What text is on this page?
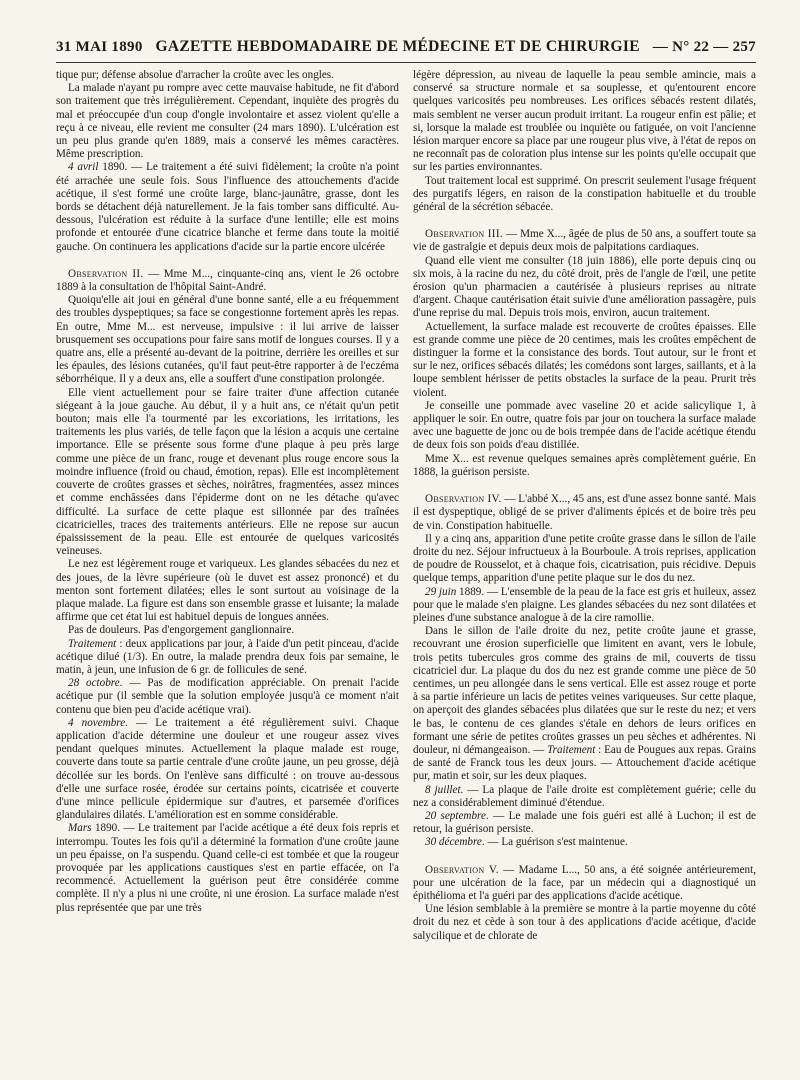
31 MAI 1890 GAZETTE HEBDOMADAIRE DE MÉDECINE ET DE CHIRURGIE — N° 22 — 257

tique pur; défense absolue d'arracher la croûte avec les ongles.

La malade n'ayant pu rompre avec cette mauvaise habitude, ne fit d'abord son traitement que très irrégulièrement. Cependant, inquiète des progrès du mal et préoccupée d'un coup d'ongle involontaire et assez violent qu'elle a reçu à ce niveau, elle revient me consulter (24 mars 1890). L'ulcération est un peu plus grande qu'en 1889, mais a conservé les mêmes caractères. Même prescription.

4 avril 1890. — Le traitement a été suivi fidèlement; la croûte n'a point été arrachée une seule fois. Sous l'influence des attouchements d'acide acétique, il s'est formé une croûte large, blanc-jaunâtre, grasse, dont les bords se détachent déjà naturellement. Je la fais tomber sans difficulté. Au-dessous, l'ulcération est réduite à la surface d'une lentille; elle est moins profonde et entourée d'une cicatrice blanche et ferme dans toute la moitié gauche. On continuera les applications d'acide sur la partie encore ulcérée

Observation II. — Mme M..., cinquante-cinq ans, vient le 26 octobre 1889 à la consultation de l'hôpital Saint-André.

Quoiqu'elle ait joui en général d'une bonne santé, elle a eu fréquemment des troubles dyspeptiques; sa face se congestionne fortement après les repas. En outre, Mme M... est nerveuse, impulsive : il lui arrive de laisser brusquement ses occupations pour faire sans motif de longues courses. Il y a quatre ans, elle a présenté au-devant de la poitrine, derrière les oreilles et sur les épaules, des lésions cutanées, qu'il faut peut-être rapporter à de l'eczéma séborrhéique. Il y a deux ans, elle a souffert d'une constipation prolongée.

Elle vient actuellement pour se faire traiter d'une affection cutanée siégeant à la joue gauche. Au début, il y a huit ans, ce n'était qu'un petit bouton; mais elle l'a tourmenté par les excoriations, les irritations, les traitements les plus variés, de telle façon que la lésion a acquis une certaine importance. Elle se présente sous forme d'une plaque à peu près large comme une pièce de un franc, rouge et devenant plus rouge encore sous la moindre influence (froid ou chaud, émotion, repas). Elle est incomplètement couverte de croûtes grasses et sèches, noirâtres, fragmentées, assez minces et comme enchâssées dans l'épiderme dont on ne les détache qu'avec difficulté. La surface de cette plaque est sillonnée par des traînées cicatricielles, traces des traitements antérieurs. Elle ne repose sur aucun épaississement de la peau. Elle est entourée de quelques varicosités veineuses.

Le nez est légèrement rouge et variqueux. Les glandes sébacées du nez et des joues, de la lèvre supérieure (où le duvet est assez prononcé) et du menton sont fortement dilatées; elles le sont surtout au voisinage de la plaque malade. La figure est dans son ensemble grasse et luisante; la malade affirme que cet état lui est habituel depuis de longues années.

Pas de douleurs. Pas d'engorgement ganglionnaire.

Traitement : deux applications par jour, à l'aide d'un petit pinceau, d'acide acétique dilué (1/3). En outre, la malade prendra deux fois par semaine, le matin, à jeun, une infusion de 6 gr. de follicules de sené.

28 octobre. — Pas de modification appréciable. On prenait l'acide acétique pur (il semble que la solution employée jusqu'à ce moment n'ait contenu que bien peu d'acide acétique vrai).

4 novembre. — Le traitement a été régulièrement suivi. Chaque application d'acide détermine une douleur et une rougeur assez vives pendant quelques minutes. Actuellement la plaque malade est rouge, couverte dans toute sa partie centrale d'une croûte jaune, un peu grosse, déjà décollée sur les bords. On l'enlève sans difficulté : on trouve au-dessous d'elle une surface rosée, érodée sur certains points, cicatrisée et couverte d'une mince pellicule épidermique sur d'autres, et parsemée d'orifices glandulaires dilatés. L'amélioration est en somme considérable.

Mars 1890. — Le traitement par l'acide acétique a été deux fois repris et interrompu. Toutes les fois qu'il a déterminé la formation d'une croûte jaune un peu épaisse, on l'a suspendu. Quand celle-ci est tombée et que la rougeur provoquée par les applications caustiques s'est en partie effacée, on l'a recommencé. Actuellement la guérison peut être considérée comme complète. Il n'y a plus ni une croûte, ni une érosion. La surface malade n'est plus représentée que par une très

légère dépression, au niveau de laquelle la peau semble amincie, mais a conservé sa structure normale et sa souplesse, et qu'entourent encore quelques varicosités peu nombreuses. Les orifices sébacés restent dilatés, mais semblent ne verser aucun produit irritant. La rougeur enfin est pâlie; et si, lorsque la malade est troublée ou inquiète ou fatiguée, on voit l'ancienne lésion marquer encore sa place par une rougeur plus vive, à l'état de repos on ne reconnaît pas de coloration plus intense sur les points qu'elle occupait que sur les parties environnantes.

Tout traitement local est supprimé. On prescrit seulement l'usage fréquent des purgatifs légers, en raison de la constipation habituelle et du trouble général de la sécrétion sébacée.

Observation III. — Mme X..., âgée de plus de 50 ans, a souffert toute sa vie de gastralgie et depuis deux mois de palpitations cardiaques.

Quand elle vient me consulter (18 juin 1886), elle porte depuis cinq ou six mois, à la racine du nez, du côté droit, près de l'angle de l'œil, une petite érosion qu'un pharmacien a cautérisée à plusieurs reprises au nitrate d'argent. Chaque cautérisation était suivie d'une amélioration passagère, puis d'une reprise du mal. Depuis trois mois, environ, aucun traitement.

Actuellement, la surface malade est recouverte de croûtes épaisses. Elle est grande comme une pièce de 20 centimes, mais les croûtes empêchent de distinguer la forme et la consistance des bords. Tout autour, sur le front et sur le nez, orifices sébacés dilatés; les comédons sont larges, saillants, et à la loupe semblent hérisser de petits obstacles la surface de la peau. Prurit très violent.

Je conseille une pommade avec vaseline 20 et acide salicylique 1, à appliquer le soir. En outre, quatre fois par jour on touchera la surface malade avec une baguette de jonc ou de bois trempée dans de l'acide acétique étendu de deux fois son poids d'eau distillée.

Mme X... est revenue quelques semaines après complètement guérie. En 1888, la guérison persiste.

Observation IV. — L'abbé X..., 45 ans, est d'une assez bonne santé. Mais il est dyspeptique, obligé de se priver d'aliments épicés et de boire très peu de vin. Constipation habituelle.

Il y a cinq ans, apparition d'une petite croûte grasse dans le sillon de l'aile droite du nez. Séjour infructueux à la Bourboule. A trois reprises, application de poudre de Rousselot, et à chaque fois, cicatrisation, puis récidive. Depuis quelque temps, apparition d'une petite plaque sur le dos du nez.

29 juin 1889. — L'ensemble de la peau de la face est gris et huileux, assez pour que le malade s'en plaigne. Les glandes sébacées du nez sont dilatées et pleines d'une substance analogue à de la cire ramollie.

Dans le sillon de l'aile droite du nez, petite croûte jaune et grasse, recouvrant une érosion superficielle que limitent en avant, vers le lobule, trois petits tubercules gros comme des grains de mil, couverts de tissu cicatriciel dur. La plaque du dos du nez est grande comme une pièce de 50 centimes, un peu allongée dans le sens vertical. Elle est assez rouge et porte à sa partie inférieure un lacis de petites veines variqueuses. Sur cette plaque, on aperçoit des glandes sébacées plus dilatées que sur le reste du nez; et vers le bas, le contenu de ces glandes s'étale en dehors de leurs orifices en formant une série de petites croûtes grasses un peu sèches et adhérentes. Ni douleur, ni démangeaison. — Traitement : Eau de Pougues aux repas. Grains de santé de Franck tous les deux jours. — Attouchement d'acide acétique pur, matin et soir, sur les deux plaques.

8 juillet. — La plaque de l'aile droite est complètement guérie; celle du nez a considérablement diminué d'étendue.

20 septembre. — Le malade une fois guéri est allé à Luchon; il est de retour, la guérison persiste.

30 décembre. — La guérison s'est maintenue.

Observation V. — Madame L..., 50 ans, a été soignée antérieurement, pour une ulcération de la face, par un médecin qui a diagnostiqué un épithélioma et l'a guéri par des applications d'acide acétique.

Une lésion semblable à la première se montre à la partie moyenne du côté droit du nez et cède à son tour à des applications d'acide acétique, d'acide salycilique et de chlorate de
